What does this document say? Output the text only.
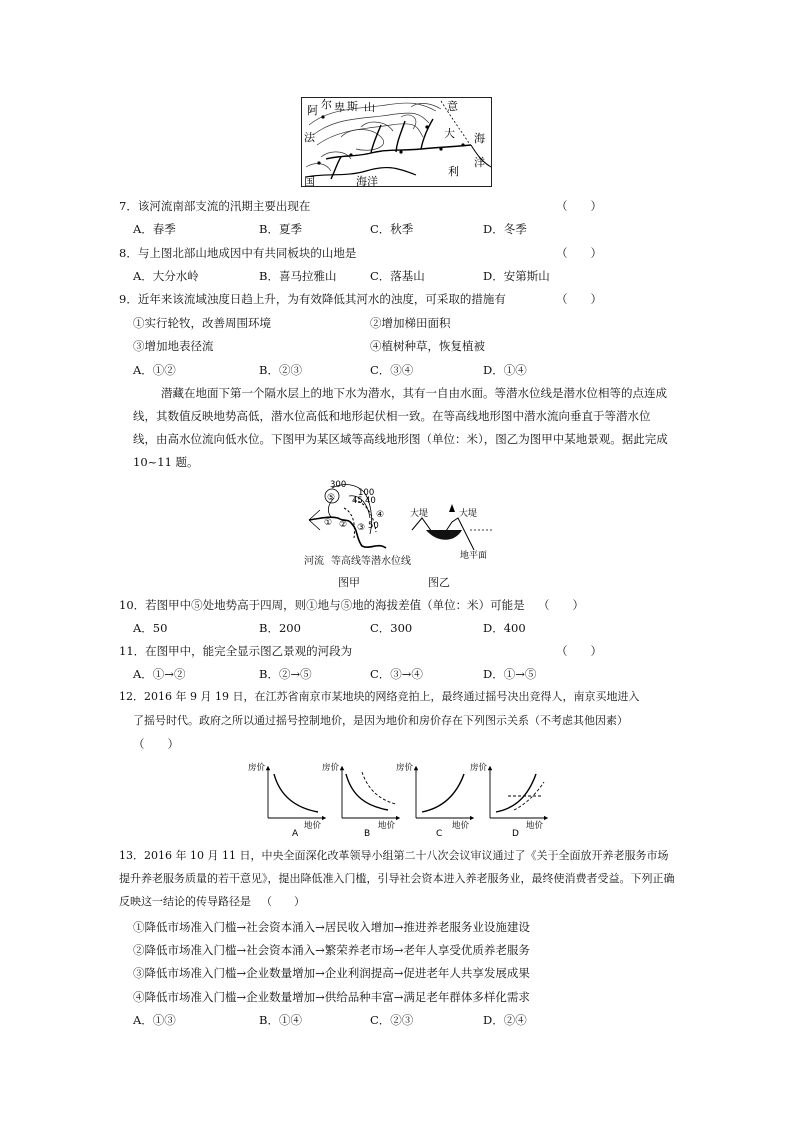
阿 尔 卑 斯 山	意
大
利
海
洋
法
国	海洋
7．该河流南部支流的汛期主要出现在	（　　）
A．春季	B．夏季	C．秋季	D．冬季
8．与上图北部山地成因中有共同板块的山地是	（　　）
A．大分水岭	B．喜马拉雅山	C．落基山	D．安第斯山
9．近年来该流域浊度日趋上升，为有效降低其河水的浊度，可采取的措施有	（　　）
①实行轮牧，改善周围环境	②增加梯田面积
③增加地表径流	④植树种草，恢复植被
A．①②	B．②③	C．③④	D．①④
潜藏在地面下第一个隔水层上的地下水为潜水，其有一自由水面。等潜水位线是潜水位相等的点连成线，其数值反映地势高低，潜水位高低和地形起伏相一致。在等高线地形图中潜水流向垂直于等潜水位线，由高水位流向低水位。下图甲为某区域等高线地形图（单位：米），图乙为图甲中某地景观。据此完成 10~11 题。
300
100
45 40
50
⑤
① ② ③
④
河流 等高线 等潜水位线
图甲
大堤	大堤
地平面
图乙
10．若图甲中⑤处地势高于四周，则①地与⑤地的海拔差值（单位：米）可能是 （　　）
A．50	B．200	C．300	D．400
11．在图甲中，能完全显示图乙景观的河段为	（　　）
A．①→②	B．②→⑤	C．③→④	D．①→⑤
12．2016 年 9 月 19 日，在江苏省南京市某地块的网络竞拍上，最终通过摇号决出竞得人，南京买地进入
了摇号时代。政府之所以通过摇号控制地价，是因为地价和房价存在下列图示关系（不考虑其他因素）
（　　）
房价
地价
A
房价
地价
B
房价
地价
C
房价
地价
D
13．2016 年 10 月 11 日，中央全面深化改革领导小组第二十八次会议审议通过了《关于全面放开养老服务市场提升养老服务质量的若干意见》，提出降低准入门槛，引导社会资本进入养老服务业，最终使消费者受益。下列正确反映这一结论的传导路径是 （　　）
①降低市场准入门槛→社会资本涌入→居民收入增加→推进养老服务业设施建设
②降低市场准入门槛→社会资本涌入→繁荣养老市场→老年人享受优质养老服务
③降低市场准入门槛→企业数量增加→企业利润提高→促进老年人共享发展成果
④降低市场准入门槛→企业数量增加→供给品种丰富→满足老年群体多样化需求
A．①③	B．①④	C．②③	D．②④
